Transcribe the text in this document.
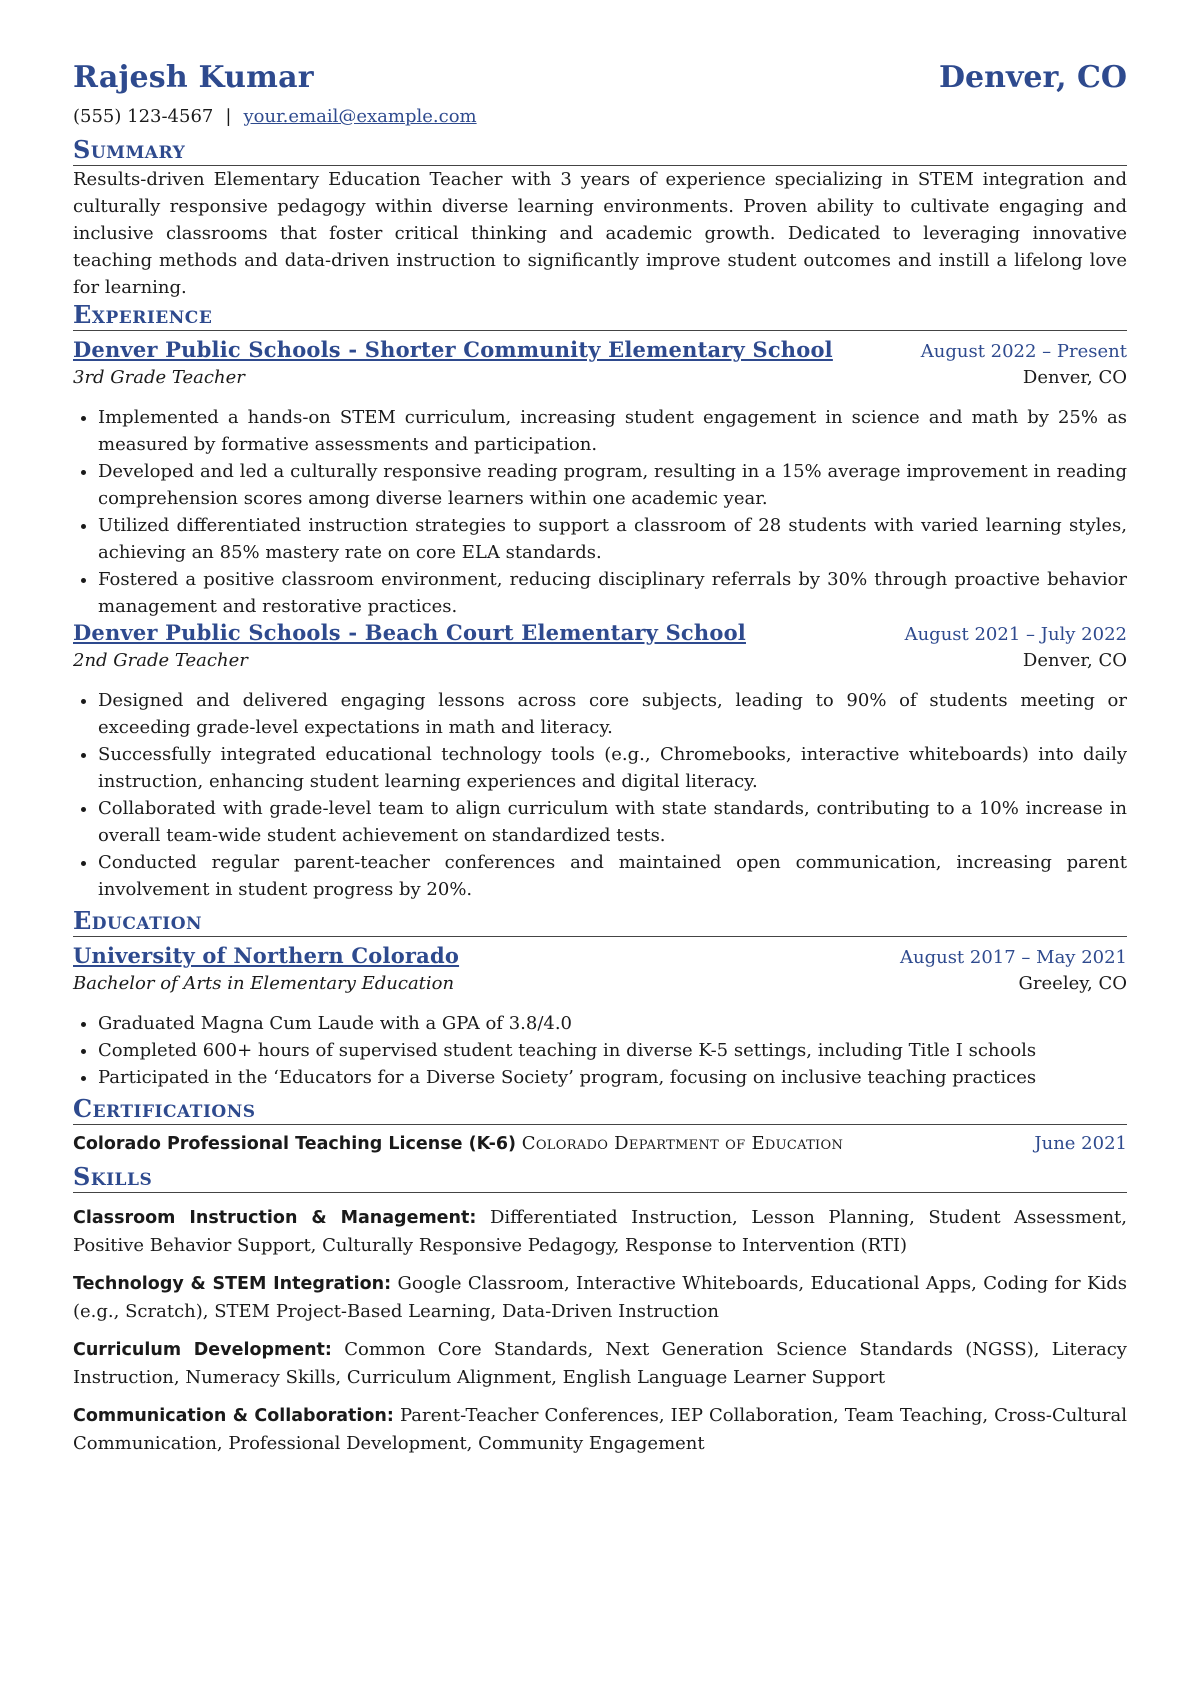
Rajesh Kumar	Denver, CO
(555) 123-4567 | your.email@example.com
Summary

Results-driven Elementary Education Teacher with 3 years of experience specializing in STEM integration and culturally responsive pedagogy within diverse learning environments. Proven ability to cultivate engaging and inclusive classrooms that foster critical thinking and academic growth. Dedicated to leveraging innovative teaching methods and data-driven instruction to significantly improve student outcomes and instill a lifelong love for learning.

Experience
Denver Public Schools - Shorter Community Elementary School	August 2022 – Present
3rd Grade Teacher	Denver, CO
• Implemented a hands-on STEM curriculum, increasing student engagement in science and math by 25% as measured by formative assessments and participation.
• Developed and led a culturally responsive reading program, resulting in a 15% average improvement in reading comprehension scores among diverse learners within one academic year.
• Utilized differentiated instruction strategies to support a classroom of 28 students with varied learning styles, achieving an 85% mastery rate on core ELA standards.
• Fostered a positive classroom environment, reducing disciplinary referrals by 30% through proactive behavior management and restorative practices.
Denver Public Schools - Beach Court Elementary School	August 2021 – July 2022
2nd Grade Teacher	Denver, CO
• Designed and delivered engaging lessons across core subjects, leading to 90% of students meeting or exceeding grade-level expectations in math and literacy.
• Successfully integrated educational technology tools (e.g., Chromebooks, interactive whiteboards) into daily instruction, enhancing student learning experiences and digital literacy.
• Collaborated with grade-level team to align curriculum with state standards, contributing to a 10% increase in overall team-wide student achievement on standardized tests.
• Conducted regular parent-teacher conferences and maintained open communication, increasing parent involvement in student progress by 20%.
Education
University of Northern Colorado	August 2017 – May 2021
Bachelor of Arts in Elementary Education	Greeley, CO
• Graduated Magna Cum Laude with a GPA of 3.8/4.0
• Completed 600+ hours of supervised student teaching in diverse K-5 settings, including Title I schools
• Participated in the ‘Educators for a Diverse Society’ program, focusing on inclusive teaching practices
Certifications
Colorado Professional Teaching License (K-6) Colorado Department of Education	June 2021
Skills
Classroom Instruction & Management: Differentiated Instruction, Lesson Planning, Student Assessment, Positive Behavior Support, Culturally Responsive Pedagogy, Response to Intervention (RTI)
Technology & STEM Integration: Google Classroom, Interactive Whiteboards, Educational Apps, Coding for Kids (e.g., Scratch), STEM Project-Based Learning, Data-Driven Instruction
Curriculum Development: Common Core Standards, Next Generation Science Standards (NGSS), Literacy Instruction, Numeracy Skills, Curriculum Alignment, English Language Learner Support
Communication & Collaboration: Parent-Teacher Conferences, IEP Collaboration, Team Teaching, Cross-Cultural Communication, Professional Development, Community Engagement
